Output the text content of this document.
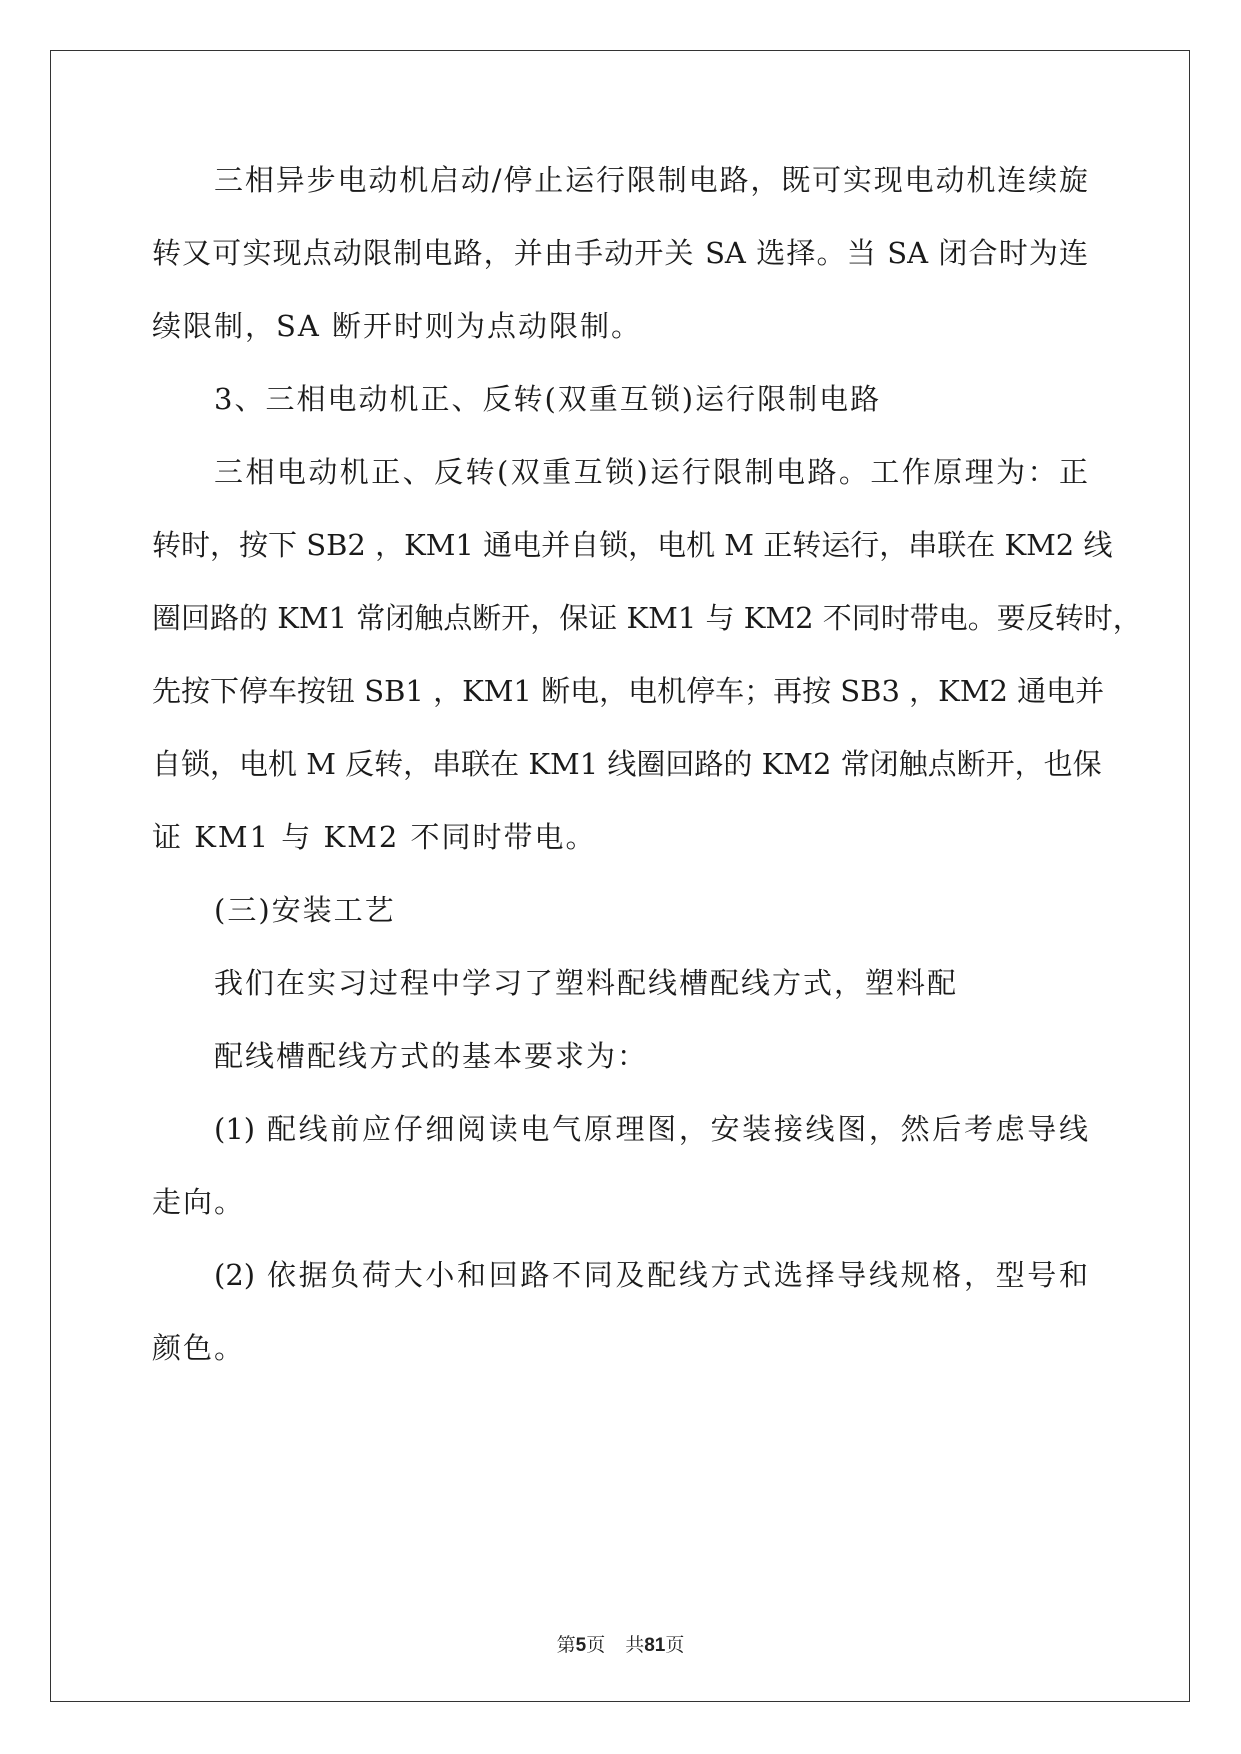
三相异步电动机启动/停止运行限制电路，既可实现电动机连续旋
转又可实现点动限制电路，并由手动开关 SA 选择。当 SA 闭合时为连
续限制，SA 断开时则为点动限制。
3、三相电动机正、反转(双重互锁)运行限制电路
三相电动机正、反转(双重互锁)运行限制电路。工作原理为：正
转时，按下 SB2 ，KM1 通电并自锁，电机 M 正转运行，串联在 KM2 线
圈回路的 KM1 常闭触点断开，保证 KM1 与 KM2 不同时带电。要反转时，
先按下停车按钮 SB1 ，KM1 断电，电机停车；再按 SB3 ，KM2 通电并
自锁，电机 M 反转，串联在 KM1 线圈回路的 KM2 常闭触点断开，也保
证 KM1 与 KM2 不同时带电。
(三)安装工艺
我们在实习过程中学习了塑料配线槽配线方式，塑料配
配线槽配线方式的基本要求为：
(1) 配线前应仔细阅读电气原理图，安装接线图，然后考虑导线
走向。
(2) 依据负荷大小和回路不同及配线方式选择导线规格，型号和
颜色。
第5页 共81页
